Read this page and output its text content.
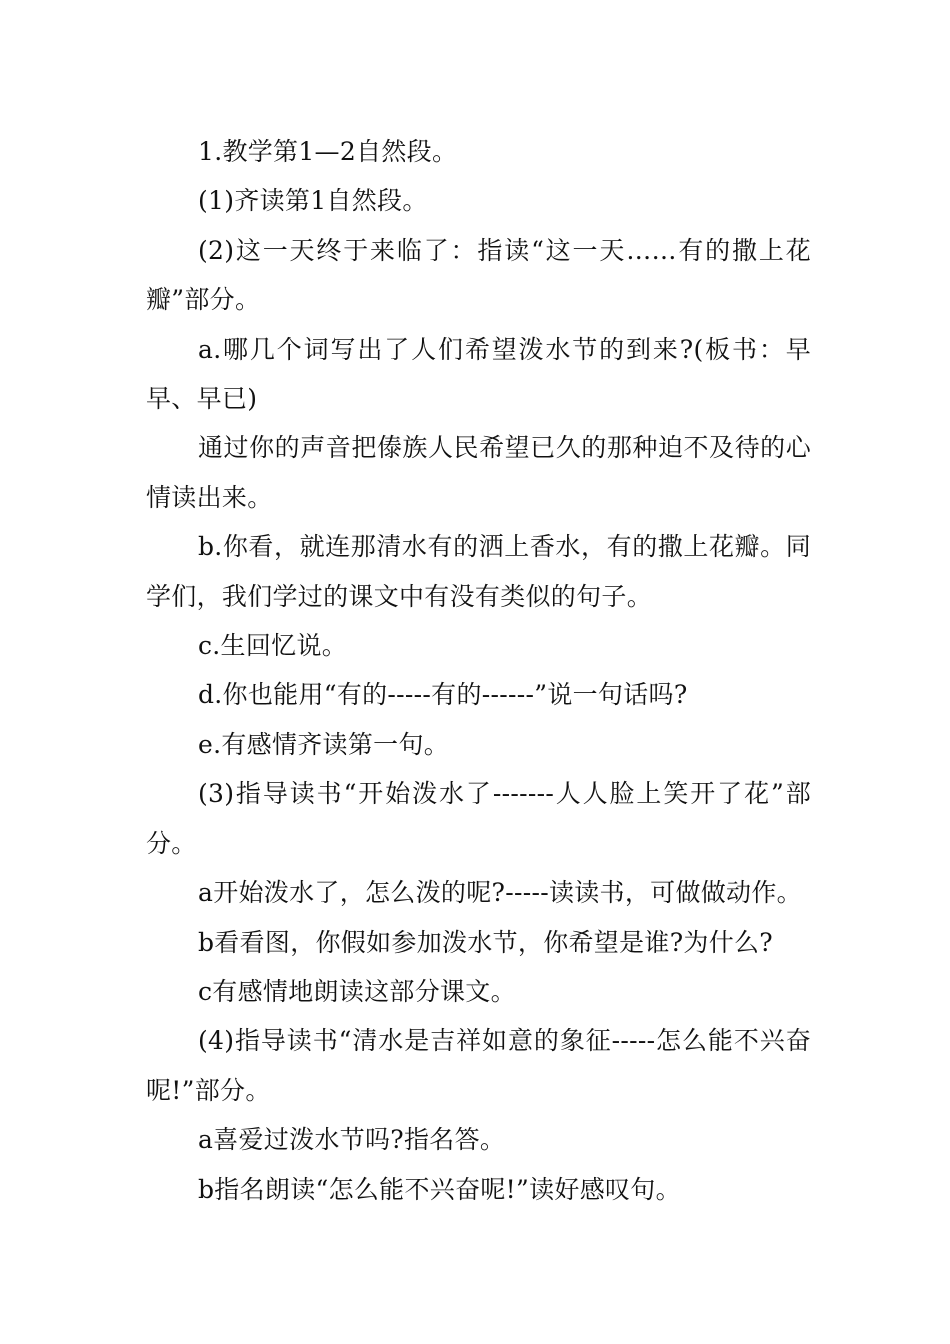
1.教学第1—2自然段。

(1)齐读第1自然段。

(2)这一天终于来临了：指读“这一天……有的撒上花瓣”部分。

a.哪几个词写出了人们希望泼水节的到来?(板书：早早、早已)

通过你的声音把傣族人民希望已久的那种迫不及待的心情读出来。

b.你看，就连那清水有的洒上香水，有的撒上花瓣。同学们，我们学过的课文中有没有类似的句子。

c.生回忆说。

d.你也能用“有的-----有的------”说一句话吗?

e.有感情齐读第一句。

(3)指导读书“开始泼水了-------人人脸上笑开了花”部分。

a开始泼水了，怎么泼的呢?-----读读书，可做做动作。

b看看图，你假如参加泼水节，你希望是谁?为什么?

c有感情地朗读这部分课文。

(4)指导读书“清水是吉祥如意的象征-----怎么能不兴奋呢!”部分。

a喜爱过泼水节吗?指名答。

b指名朗读“怎么能不兴奋呢!”读好感叹句。
